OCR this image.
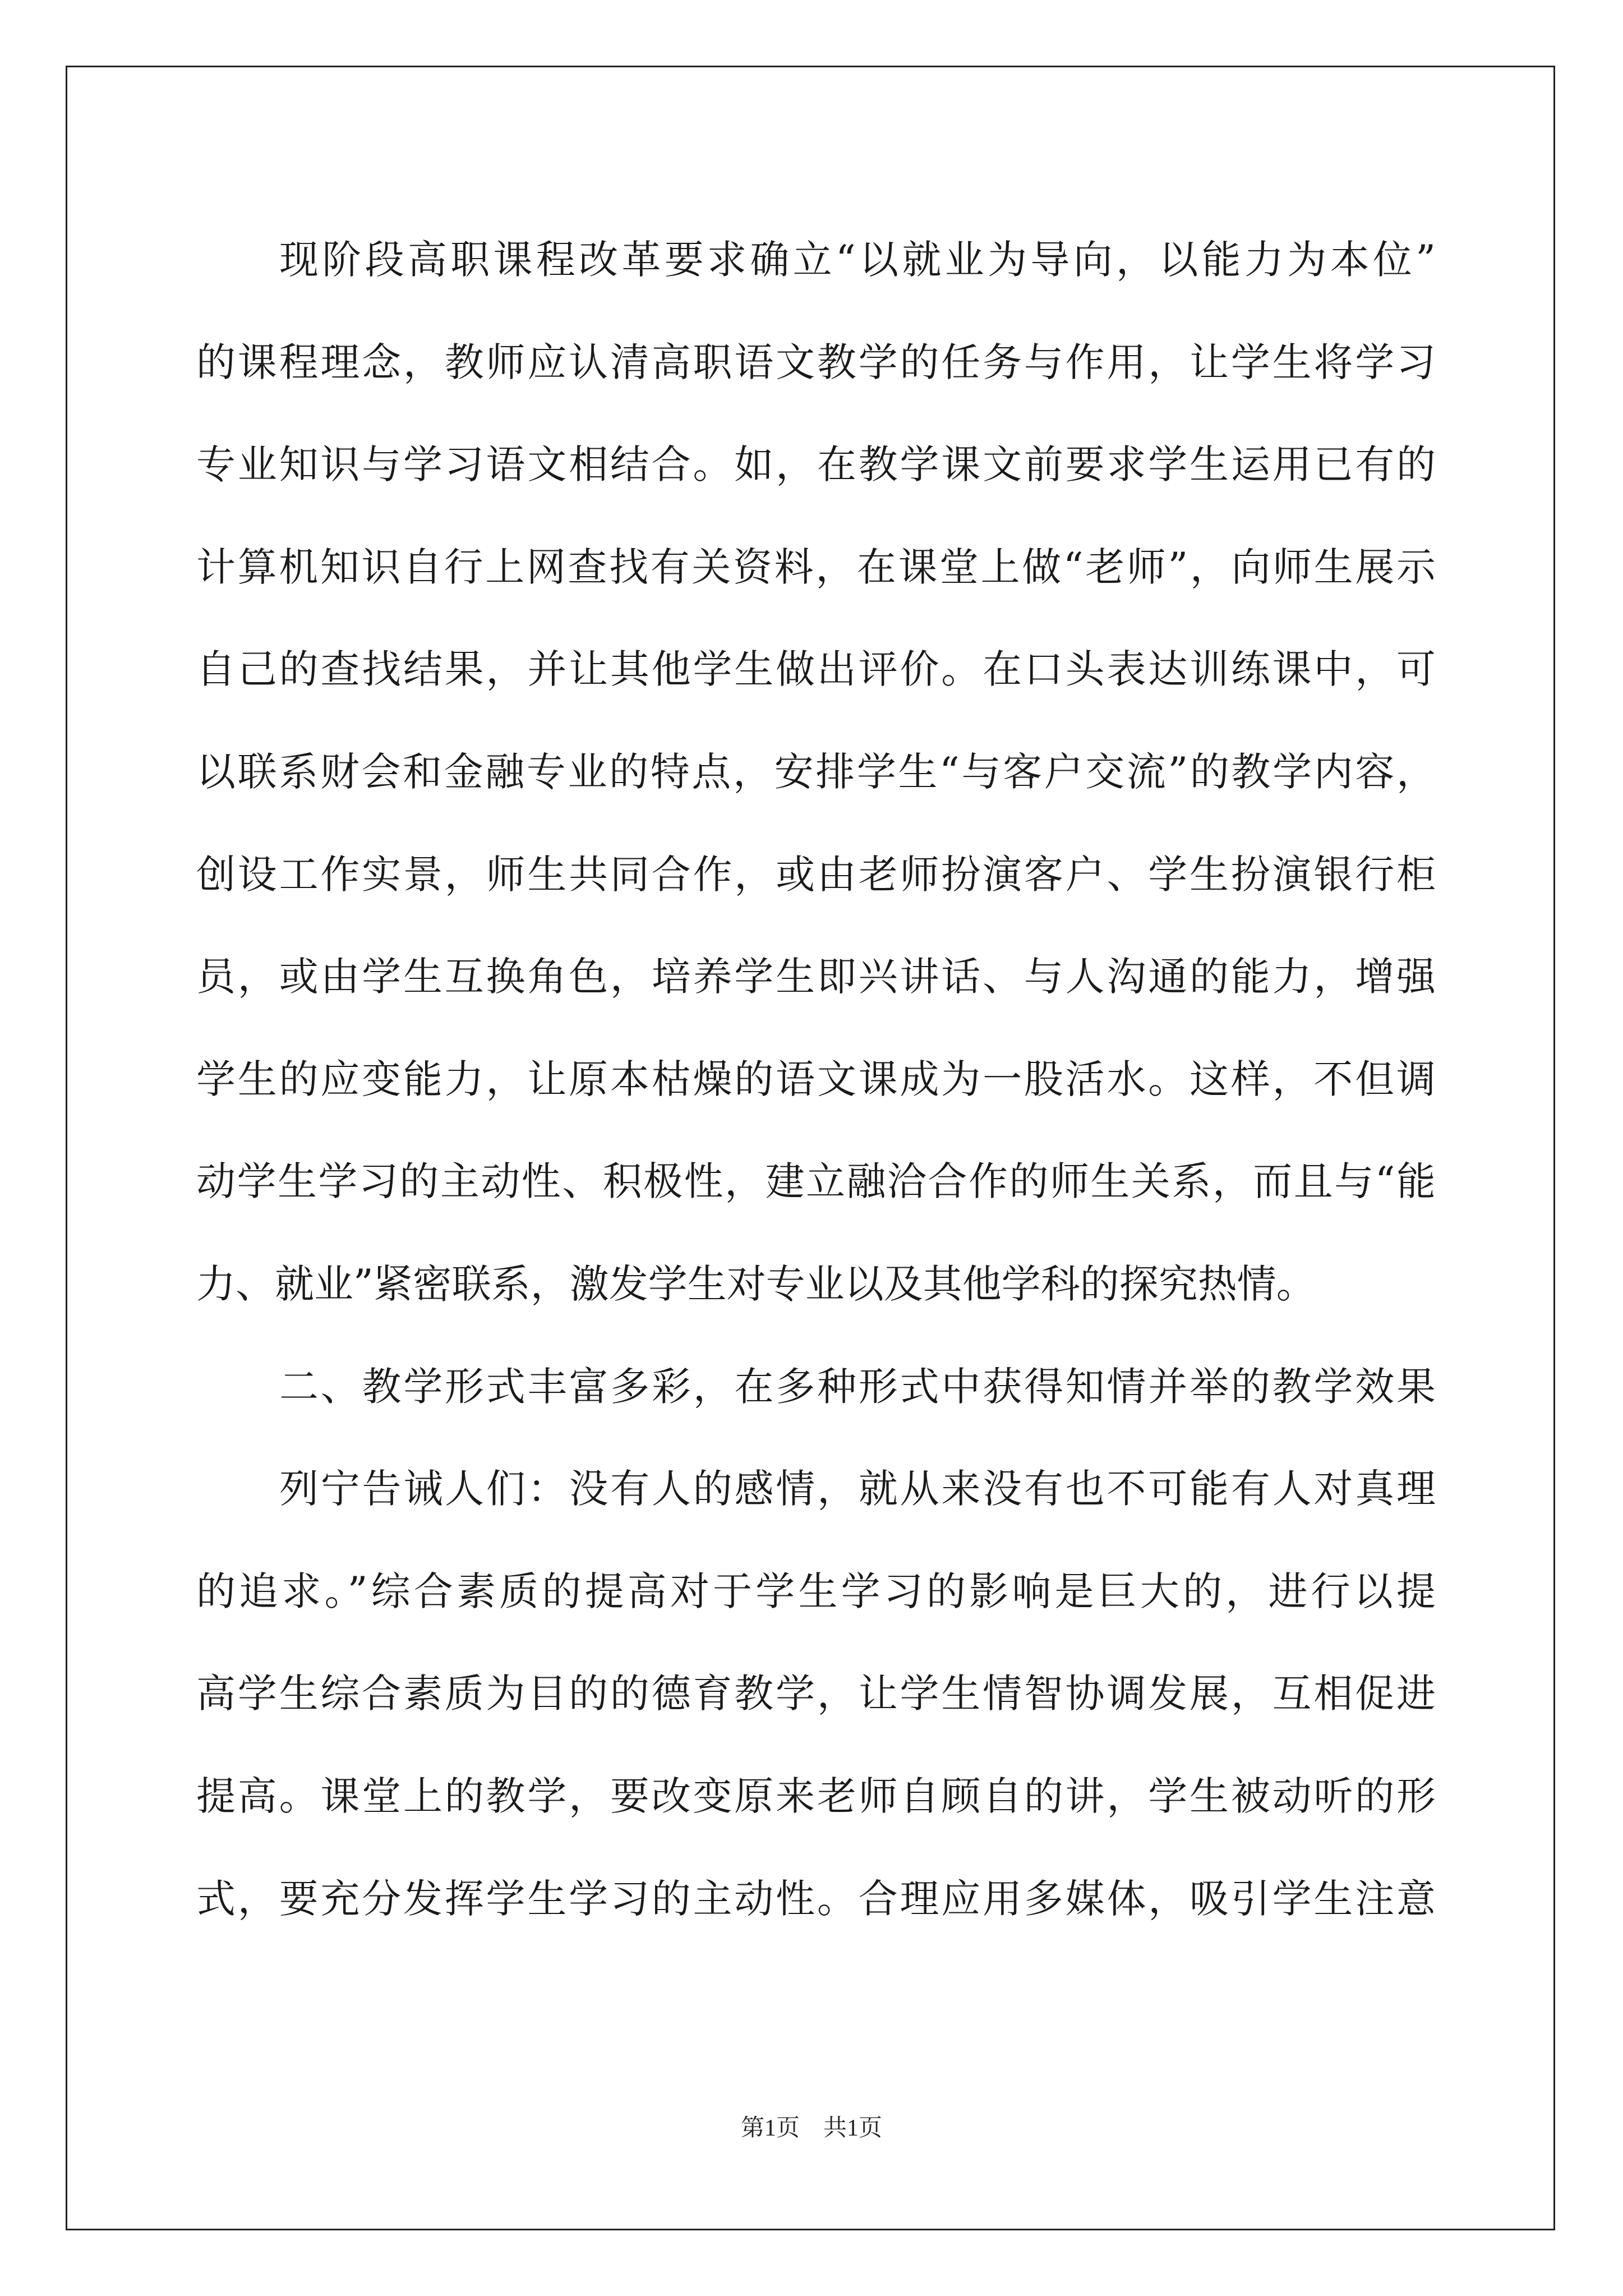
现阶段高职课程改革要求确立“以就业为导向，以能力为本位”
的课程理念，教师应认清高职语文教学的任务与作用，让学生将学习
专业知识与学习语文相结合。如，在教学课文前要求学生运用已有的
计算机知识自行上网查找有关资料，在课堂上做“老师”，向师生展示
自己的查找结果，并让其他学生做出评价。在口头表达训练课中，可
以联系财会和金融专业的特点，安排学生“与客户交流”的教学内容，
创设工作实景，师生共同合作，或由老师扮演客户、学生扮演银行柜
员，或由学生互换角色，培养学生即兴讲话、与人沟通的能力，增强
学生的应变能力，让原本枯燥的语文课成为一股活水。这样，不但调
动学生学习的主动性、积极性，建立融洽合作的师生关系，而且与“能
力、就业”紧密联系，激发学生对专业以及其他学科的探究热情。
二、教学形式丰富多彩，在多种形式中获得知情并举的教学效果
列宁告诫人们：没有人的感情，就从来没有也不可能有人对真理
的追求。”综合素质的提高对于学生学习的影响是巨大的，进行以提
高学生综合素质为目的的德育教学，让学生情智协调发展，互相促进
提高。课堂上的教学，要改变原来老师自顾自的讲，学生被动听的形
式，要充分发挥学生学习的主动性。合理应用多媒体，吸引学生注意
第1页　共1页
